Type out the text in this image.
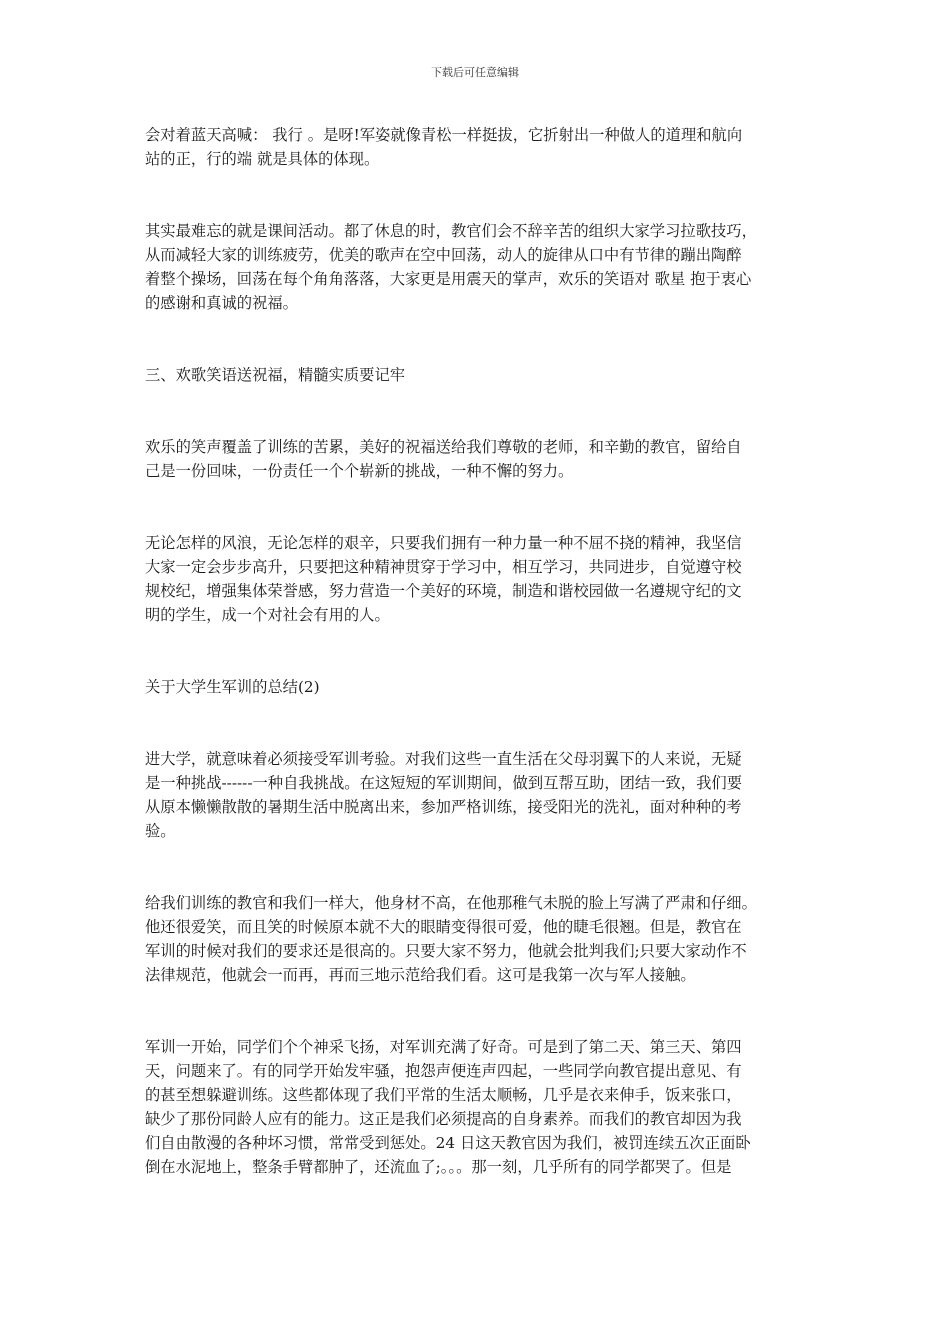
下载后可任意编辑
会对着蓝天高喊： 我行 。是呀!军姿就像青松一样挺拔，它折射出一种做人的道理和航向
站的正，行的端 就是具体的体现。
其实最难忘的就是课间活动。都了休息的时，教官们会不辞辛苦的组织大家学习拉歌技巧，
从而减轻大家的训练疲劳，优美的歌声在空中回荡，动人的旋律从口中有节律的蹦出陶醉
着整个操场，回荡在每个角角落落，大家更是用震天的掌声，欢乐的笑语对 歌星 抱于衷心
的感谢和真诚的祝福。
三、欢歌笑语送祝福，精髓实质要记牢
欢乐的笑声覆盖了训练的苦累，美好的祝福送给我们尊敬的老师，和辛勤的教官，留给自
己是一份回味，一份责任一个个崭新的挑战，一种不懈的努力。
无论怎样的风浪，无论怎样的艰辛，只要我们拥有一种力量一种不屈不挠的精神，我坚信
大家一定会步步高升，只要把这种精神贯穿于学习中，相互学习，共同进步，自觉遵守校
规校纪，增强集体荣誉感，努力营造一个美好的环境，制造和谐校园做一名遵规守纪的文
明的学生，成一个对社会有用的人。
关于大学生军训的总结(2)
进大学，就意味着必须接受军训考验。对我们这些一直生活在父母羽翼下的人来说，无疑
是一种挑战------一种自我挑战。在这短短的军训期间，做到互帮互助，团结一致，我们要
从原本懒懒散散的暑期生活中脱离出来，参加严格训练，接受阳光的洗礼，面对种种的考
验。
给我们训练的教官和我们一样大，他身材不高，在他那稚气未脱的脸上写满了严肃和仔细。
他还很爱笑，而且笑的时候原本就不大的眼睛变得很可爱，他的睫毛很翘。但是，教官在
军训的时候对我们的要求还是很高的。只要大家不努力，他就会批判我们;只要大家动作不
法律规范，他就会一而再，再而三地示范给我们看。这可是我第一次与军人接触。
军训一开始，同学们个个神采飞扬，对军训充满了好奇。可是到了第二天、第三天、第四
天，问题来了。有的同学开始发牢骚，抱怨声便连声四起，一些同学向教官提出意见、有
的甚至想躲避训练。这些都体现了我们平常的生活太顺畅，几乎是衣来伸手，饭来张口，
缺少了那份同龄人应有的能力。这正是我们必须提高的自身素养。而我们的教官却因为我
们自由散漫的各种坏习惯，常常受到惩处。24 日这天教官因为我们，被罚连续五次正面卧
倒在水泥地上，整条手臂都肿了，还流血了;。。。那一刻，几乎所有的同学都哭了。但是
